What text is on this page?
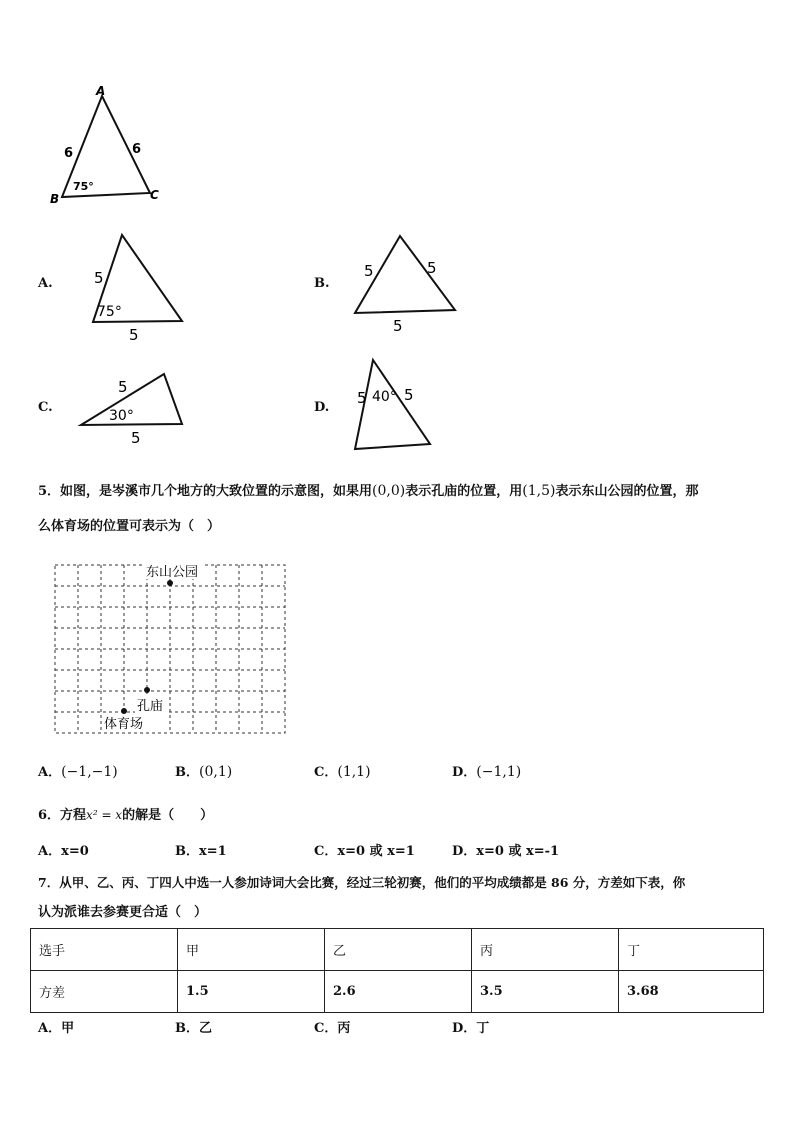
A
B	C
6	6
75°
A.	5
75°
5
B.
5	5
5
C.
5
30°
5
D.
5 40° 5
5．如图，是岑溪市几个地方的大致位置的示意图，如果用(0,0)表示孔庙的位置，用(1,5)表示东山公园的位置，那
么体育场的位置可表示为（　）
东山公园
孔庙
体育场
A．(−1,−1)	B．(0,1)	C．(1,1)	D．(−1,1)
6．方程x² = x的解是（　　）
A．x=0	B．x=1	C．x=0 或 x=1	D．x=0 或 x=-1
7．从甲、乙、丙、丁四人中选一人参加诗词大会比赛，经过三轮初赛，他们的平均成绩都是 86 分，方差如下表，你
认为派谁去参赛更合适（　）
选手	甲	乙	丙	丁
方差	1.5	2.6	3.5	3.68
A．甲	B．乙	C．丙	D．丁
